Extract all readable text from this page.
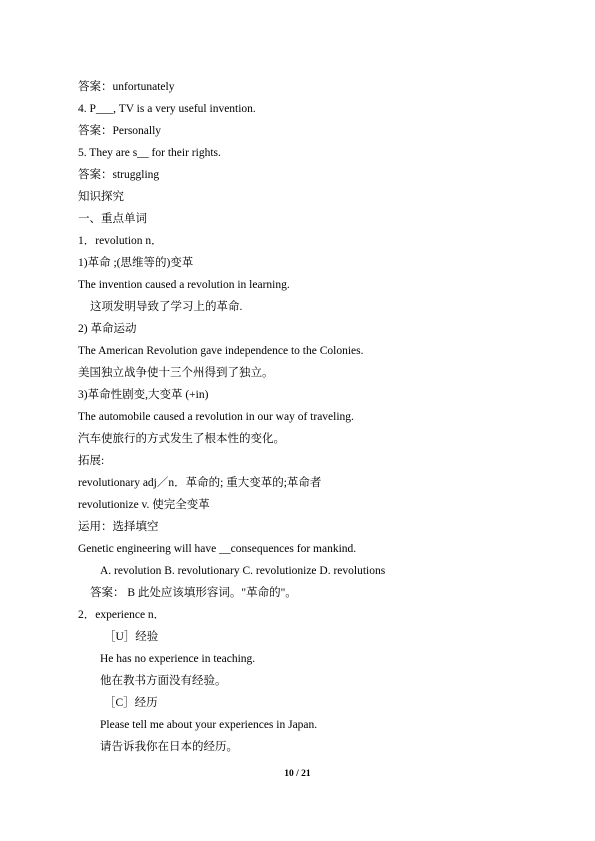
答案：unfortunately
4. P___, TV is a very useful invention.
答案：Personally
5. They are s__ for their rights.
答案：struggling
知识探究
一、重点单词
1．revolution n．
1)革命 ;(思维等的)变革
The invention caused a revolution in learning.
这项发明导致了学习上的革命.
2) 革命运动
The American Revolution gave independence to the Colonies.
美国独立战争使十三个州得到了独立。
3)革命性剧变,大变革 (+in)
The automobile caused a revolution in our way of traveling.
汽车使旅行的方式发生了根本性的变化。
拓展:
revolutionary adj／n．革命的; 重大变革的;革命者
revolutionize v. 使完全变革
运用：选择填空
Genetic engineering will have __consequences for mankind.
A. revolution B. revolutionary C. revolutionize D. revolutions
答案： B 此处应该填形容词。"革命的"。
2．experience n．
［U］经验
He has no experience in teaching.
他在教书方面没有经验。
［C］经历
Please tell me about your experiences in Japan.
请告诉我你在日本的经历。
10 / 21
